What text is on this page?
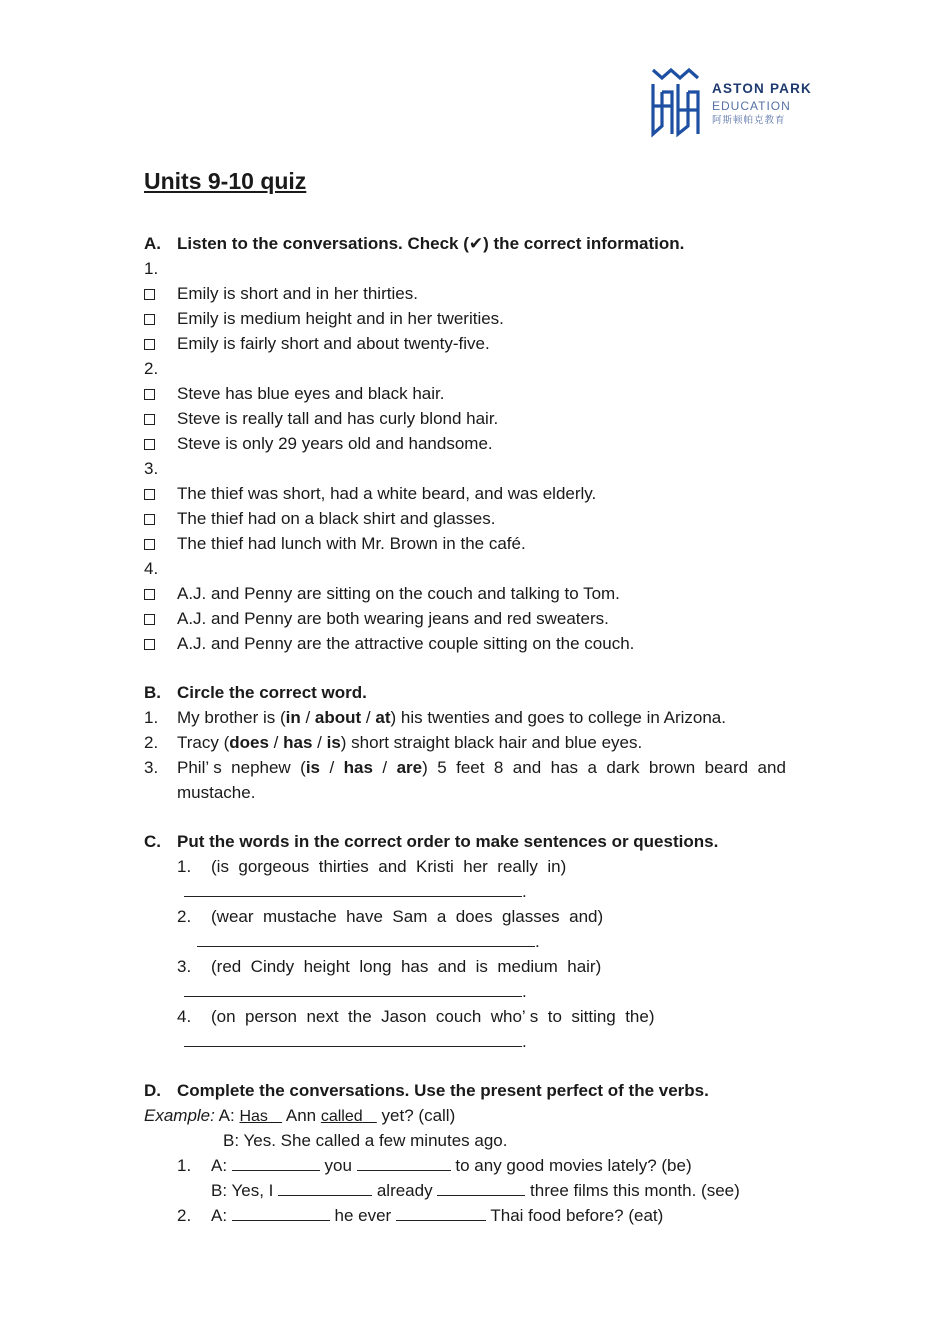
ASTON PARK
EDUCATION
阿斯顿帕克教育
Units 9-10 quiz
A. Listen to the conversations. Check (✔) the correct information.
1.
Emily is short and in her thirties.
Emily is medium height and in her twerities.
Emily is fairly short and about twenty-five.
2.
Steve has blue eyes and black hair.
Steve is really tall and has curly blond hair.
Steve is only 29 years old and handsome.
3.
The thief was short, had a white beard, and was elderly.
The thief had on a black shirt and glasses.
The thief had lunch with Mr. Brown in the café.
4.
A.J. and Penny are sitting on the couch and talking to Tom.
A.J. and Penny are both wearing jeans and red sweaters.
A.J. and Penny are the attractive couple sitting on the couch.
B. Circle the correct word.
1. My brother is (in / about / at) his twenties and goes to college in Arizona.
2. Tracy (does / has / is) short straight black hair and blue eyes.
3. Phil’ s  nephew  (is  /  has  /  are)  5  feet  8  and  has  a  dark  brown  beard  and
mustache.
C. Put the words in the correct order to make sentences or questions.
1. (is  gorgeous  thirties  and  Kristi  her  really  in)
.
2. (wear  mustache  have  Sam  a  does  glasses  and)
.
3. (red  Cindy  height  long  has  and  is  medium  hair)
.
4. (on  person  next  the  Jason  couch  who’ s  to  sitting  the)
.
D. Complete the conversations. Use the present perfect of the verbs.
Example: A: Has    Ann called    yet? (call)
B: Yes. She called a few minutes ago.
1. A:	you	to any good movies lately? (be)
B: Yes, I	already	three films this month. (see)
2. A:	he ever	Thai food before? (eat)
